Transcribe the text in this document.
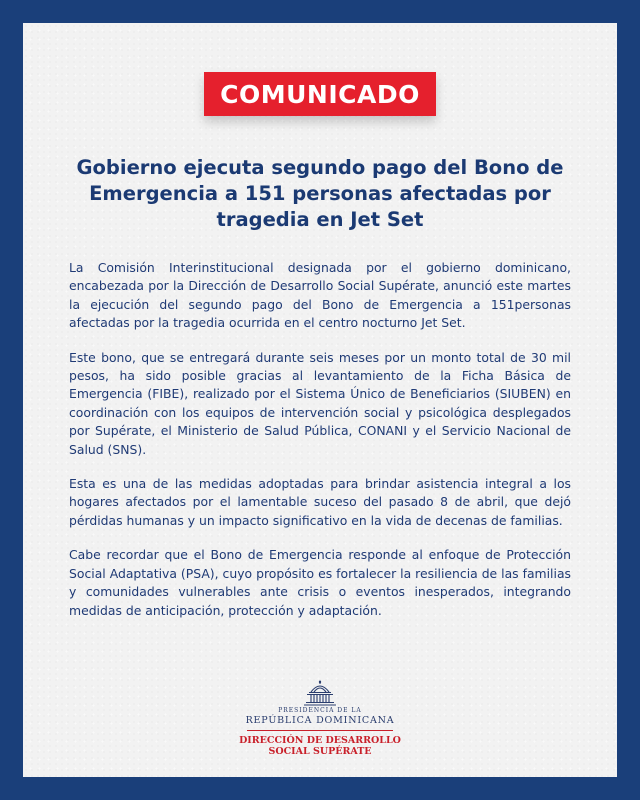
COMUNICADO
Gobierno ejecuta segundo pago del Bono de
Emergencia a 151 personas afectadas por
tragedia en Jet Set

La Comisión Interinstitucional designada por el gobierno dominicano, encabezada por la Dirección de Desarrollo Social Supérate, anunció este martes la ejecución del segundo pago del Bono de Emergencia a 151personas afectadas por la tragedia ocurrida en el centro nocturno Jet Set.

Este bono, que se entregará durante seis meses por un monto total de 30 mil pesos, ha sido posible gracias al levantamiento de la Ficha Básica de Emergencia (FIBE), realizado por el Sistema Único de Beneficiarios (SIUBEN) en coordinación con los equipos de intervención social y psicológica desplegados por Supérate, el Ministerio de Salud Pública, CONANI y el Servicio Nacional de Salud (SNS).

Esta es una de las medidas adoptadas para brindar asistencia integral a los hogares afectados por el lamentable suceso del pasado 8 de abril, que dejó pérdidas humanas y un impacto significativo en la vida de decenas de familias.

Cabe recordar que el Bono de Emergencia responde al enfoque de Protección Social Adaptativa (PSA), cuyo propósito es fortalecer la resiliencia de las familias y comunidades vulnerables ante crisis o eventos inesperados, integrando medidas de anticipación, protección y adaptación.

PRESIDENCIA DE LA
REPÚBLICA DOMINICANA
DIRECCIÓN DE DESARROLLO
SOCIAL SUPÉRATE
